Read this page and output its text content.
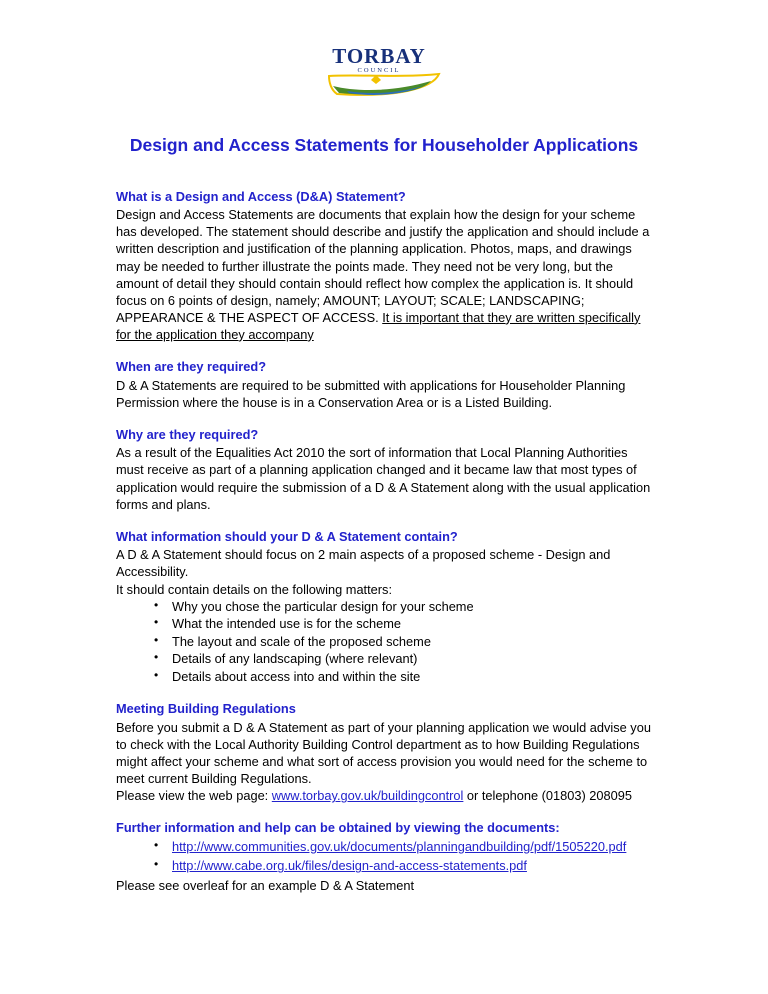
TORBAY
COUNCIL
Design and Access Statements for Householder Applications
What is a Design and Access (D&A) Statement?

Design and Access Statements are documents that explain how the design for your scheme has developed. The statement should describe and justify the application and should include a written description and justification of the planning application. Photos, maps, and drawings may be needed to further illustrate the points made. They need not be very long, but the amount of detail they should contain should reflect how complex the application is. It should focus on 6 points of design, namely; AMOUNT; LAYOUT; SCALE; LANDSCAPING; APPEARANCE & THE ASPECT OF ACCESS. It is important that they are written specifically for the application they accompany

When are they required?

D & A Statements are required to be submitted with applications for Householder Planning Permission where the house is in a Conservation Area or is a Listed Building.

Why are they required?

As a result of the Equalities Act 2010 the sort of information that Local Planning Authorities must receive as part of a planning application changed and it became law that most types of application would require the submission of a D & A Statement along with the usual application forms and plans.

What information should your D & A Statement contain?

A D & A Statement should focus on 2 main aspects of a proposed scheme - Design and Accessibility.

It should contain details on the following matters:

• Why you chose the particular design for your scheme
• What the intended use is for the scheme
• The layout and scale of the proposed scheme
• Details of any landscaping (where relevant)
• Details about access into and within the site
Meeting Building Regulations

Before you submit a D & A Statement as part of your planning application we would advise you to check with the Local Authority Building Control department as to how Building Regulations might affect your scheme and what sort of access provision you would need for the scheme to meet current Building Regulations.

Please view the web page: www.torbay.gov.uk/buildingcontrol or telephone (01803) 208095

Further information and help can be obtained by viewing the documents:
• http://www.communities.gov.uk/documents/planningandbuilding/pdf/1505220.pdf
• http://www.cabe.org.uk/files/design-and-access-statements.pdf

Please see overleaf for an example D & A Statement
